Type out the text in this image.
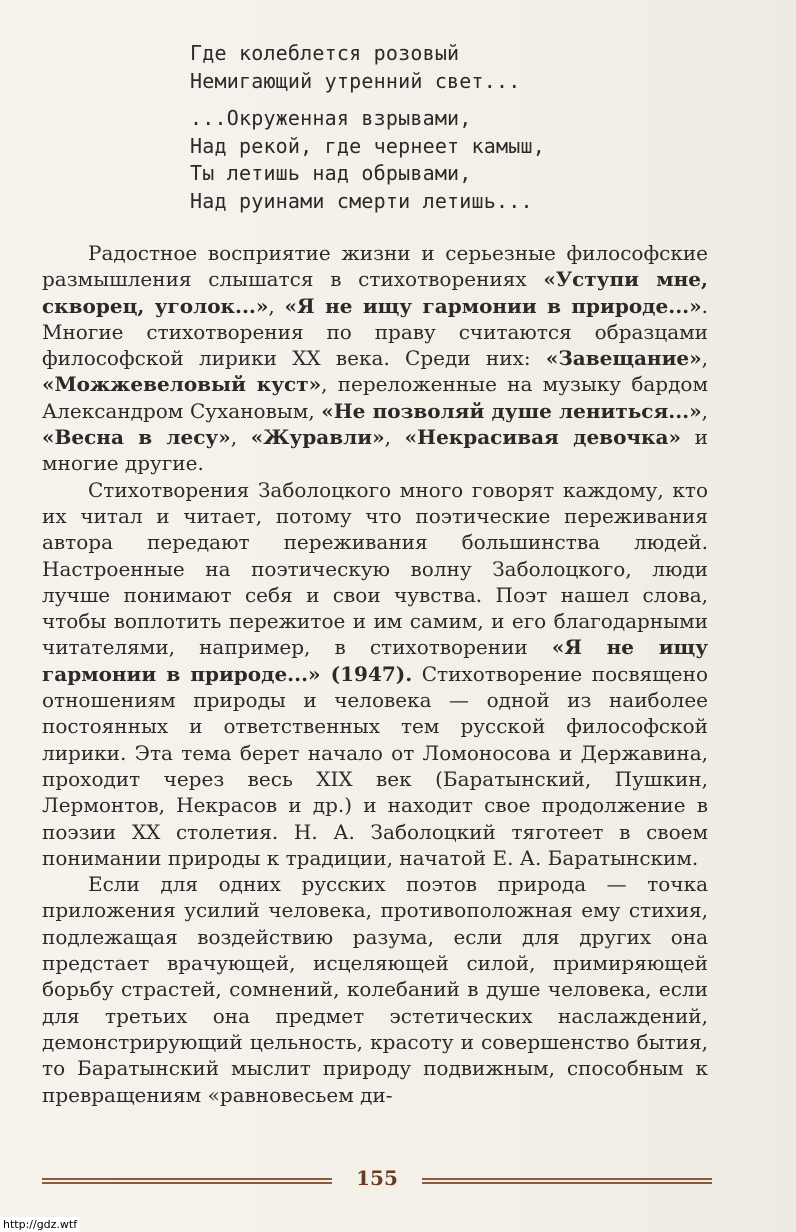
Где колеблется розовый
Немигающий утренний свет...
...Окруженная взрывами,
Над рекой, где чернеет камыш,
Ты летишь над обрывами,
Над руинами смерти летишь...

Радостное восприятие жизни и серьезные философские размышления слышатся в стихотворениях «Уступи мне, скворец, уголок...», «Я не ищу гармонии в природе...». Многие стихотворения по праву считаются образцами философской лирики XX века. Среди них: «Завещание», «Можжевеловый куст», переложенные на музыку бардом Александром Сухановым, «Не позволяй душе лениться...», «Весна в лесу», «Журавли», «Некрасивая девочка» и многие другие.

Стихотворения Заболоцкого много говорят каждому, кто их читал и читает, потому что поэтические переживания автора передают переживания большинства людей. Настроенные на поэтическую волну Заболоцкого, люди лучше понимают себя и свои чувства. Поэт нашел слова, чтобы воплотить пережитое и им самим, и его благодарными читателями, например, в стихотворении «Я не ищу гармонии в природе...» (1947). Стихотворение посвящено отношениям природы и человека — одной из наиболее постоянных и ответственных тем русской философской лирики. Эта тема берет начало от Ломоносова и Державина, проходит через весь XIX век (Баратынский, Пушкин, Лермонтов, Некрасов и др.) и находит свое продолжение в поэзии XX столетия. Н. А. Заболоцкий тяготеет в своем понимании природы к традиции, начатой Е. А. Баратынским.

Если для одних русских поэтов природа — точка приложения усилий человека, противоположная ему стихия, подлежащая воздействию разума, если для других она предстает врачующей, исцеляющей силой, примиряющей борьбу страстей, сомнений, колебаний в душе человека, если для третьих она предмет эстетических наслаждений, демонстрирующий цельность, красоту и совершенство бытия, то Баратынский мыслит природу подвижным, способным к превращениям «равновесьем ди-

155
http://gdz.wtf
